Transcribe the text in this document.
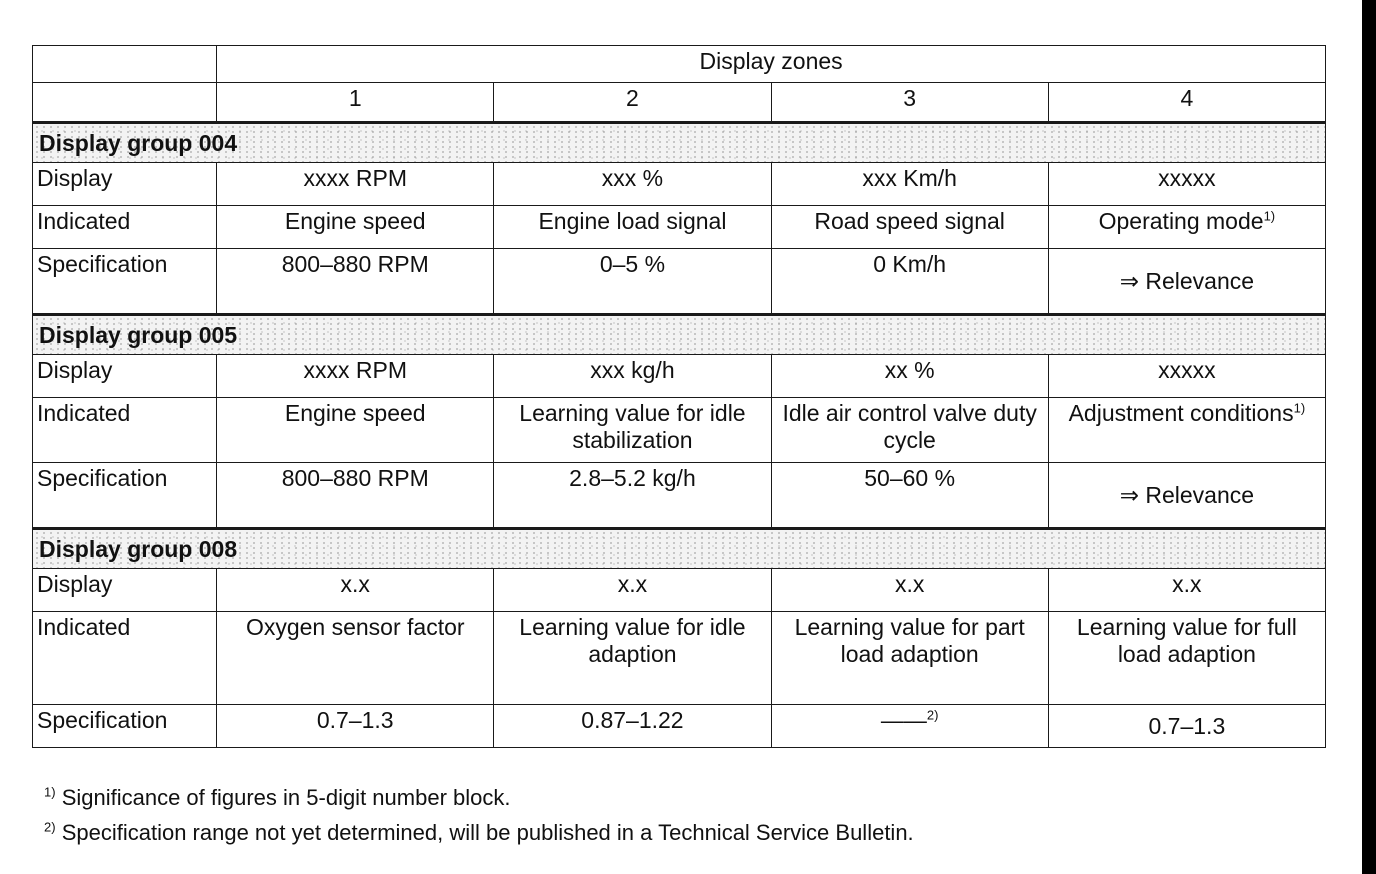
	Display zones			
	1	2	3	4
Display group 004				
Display	xxxx RPM	xxx %	xxx Km/h	xxxxx
Indicated	Engine speed	Engine load signal	Road speed signal	Operating mode$^{1)}$
Specification	800–880 RPM	0–5 %	0 Km/h	⇒ Relevance
Display group 005				
Display	xxxx RPM	xxx kg/h	xx %	xxxxx
Indicated	Engine speed	Learning value for idle stabilization	Idle air control valve duty cycle	Adjustment conditions$^{1)}$
Specification	800–880 RPM	2.8–5.2 kg/h	50–60 %	⇒ Relevance
Display group 008				
Display	x.x	x.x	x.x	x.x
Indicated	Oxygen sensor factor	Learning value for idle adaption	Learning value for part load adaption	Learning value for full load adaption
Specification	0.7–1.3	0.87–1.22	——$^{2)}$	0.7–1.3
$^{1)}$ Significance of figures in 5-digit number block.
$^{2)}$ Specification range not yet determined, will be published in a Technical Service Bulletin.
